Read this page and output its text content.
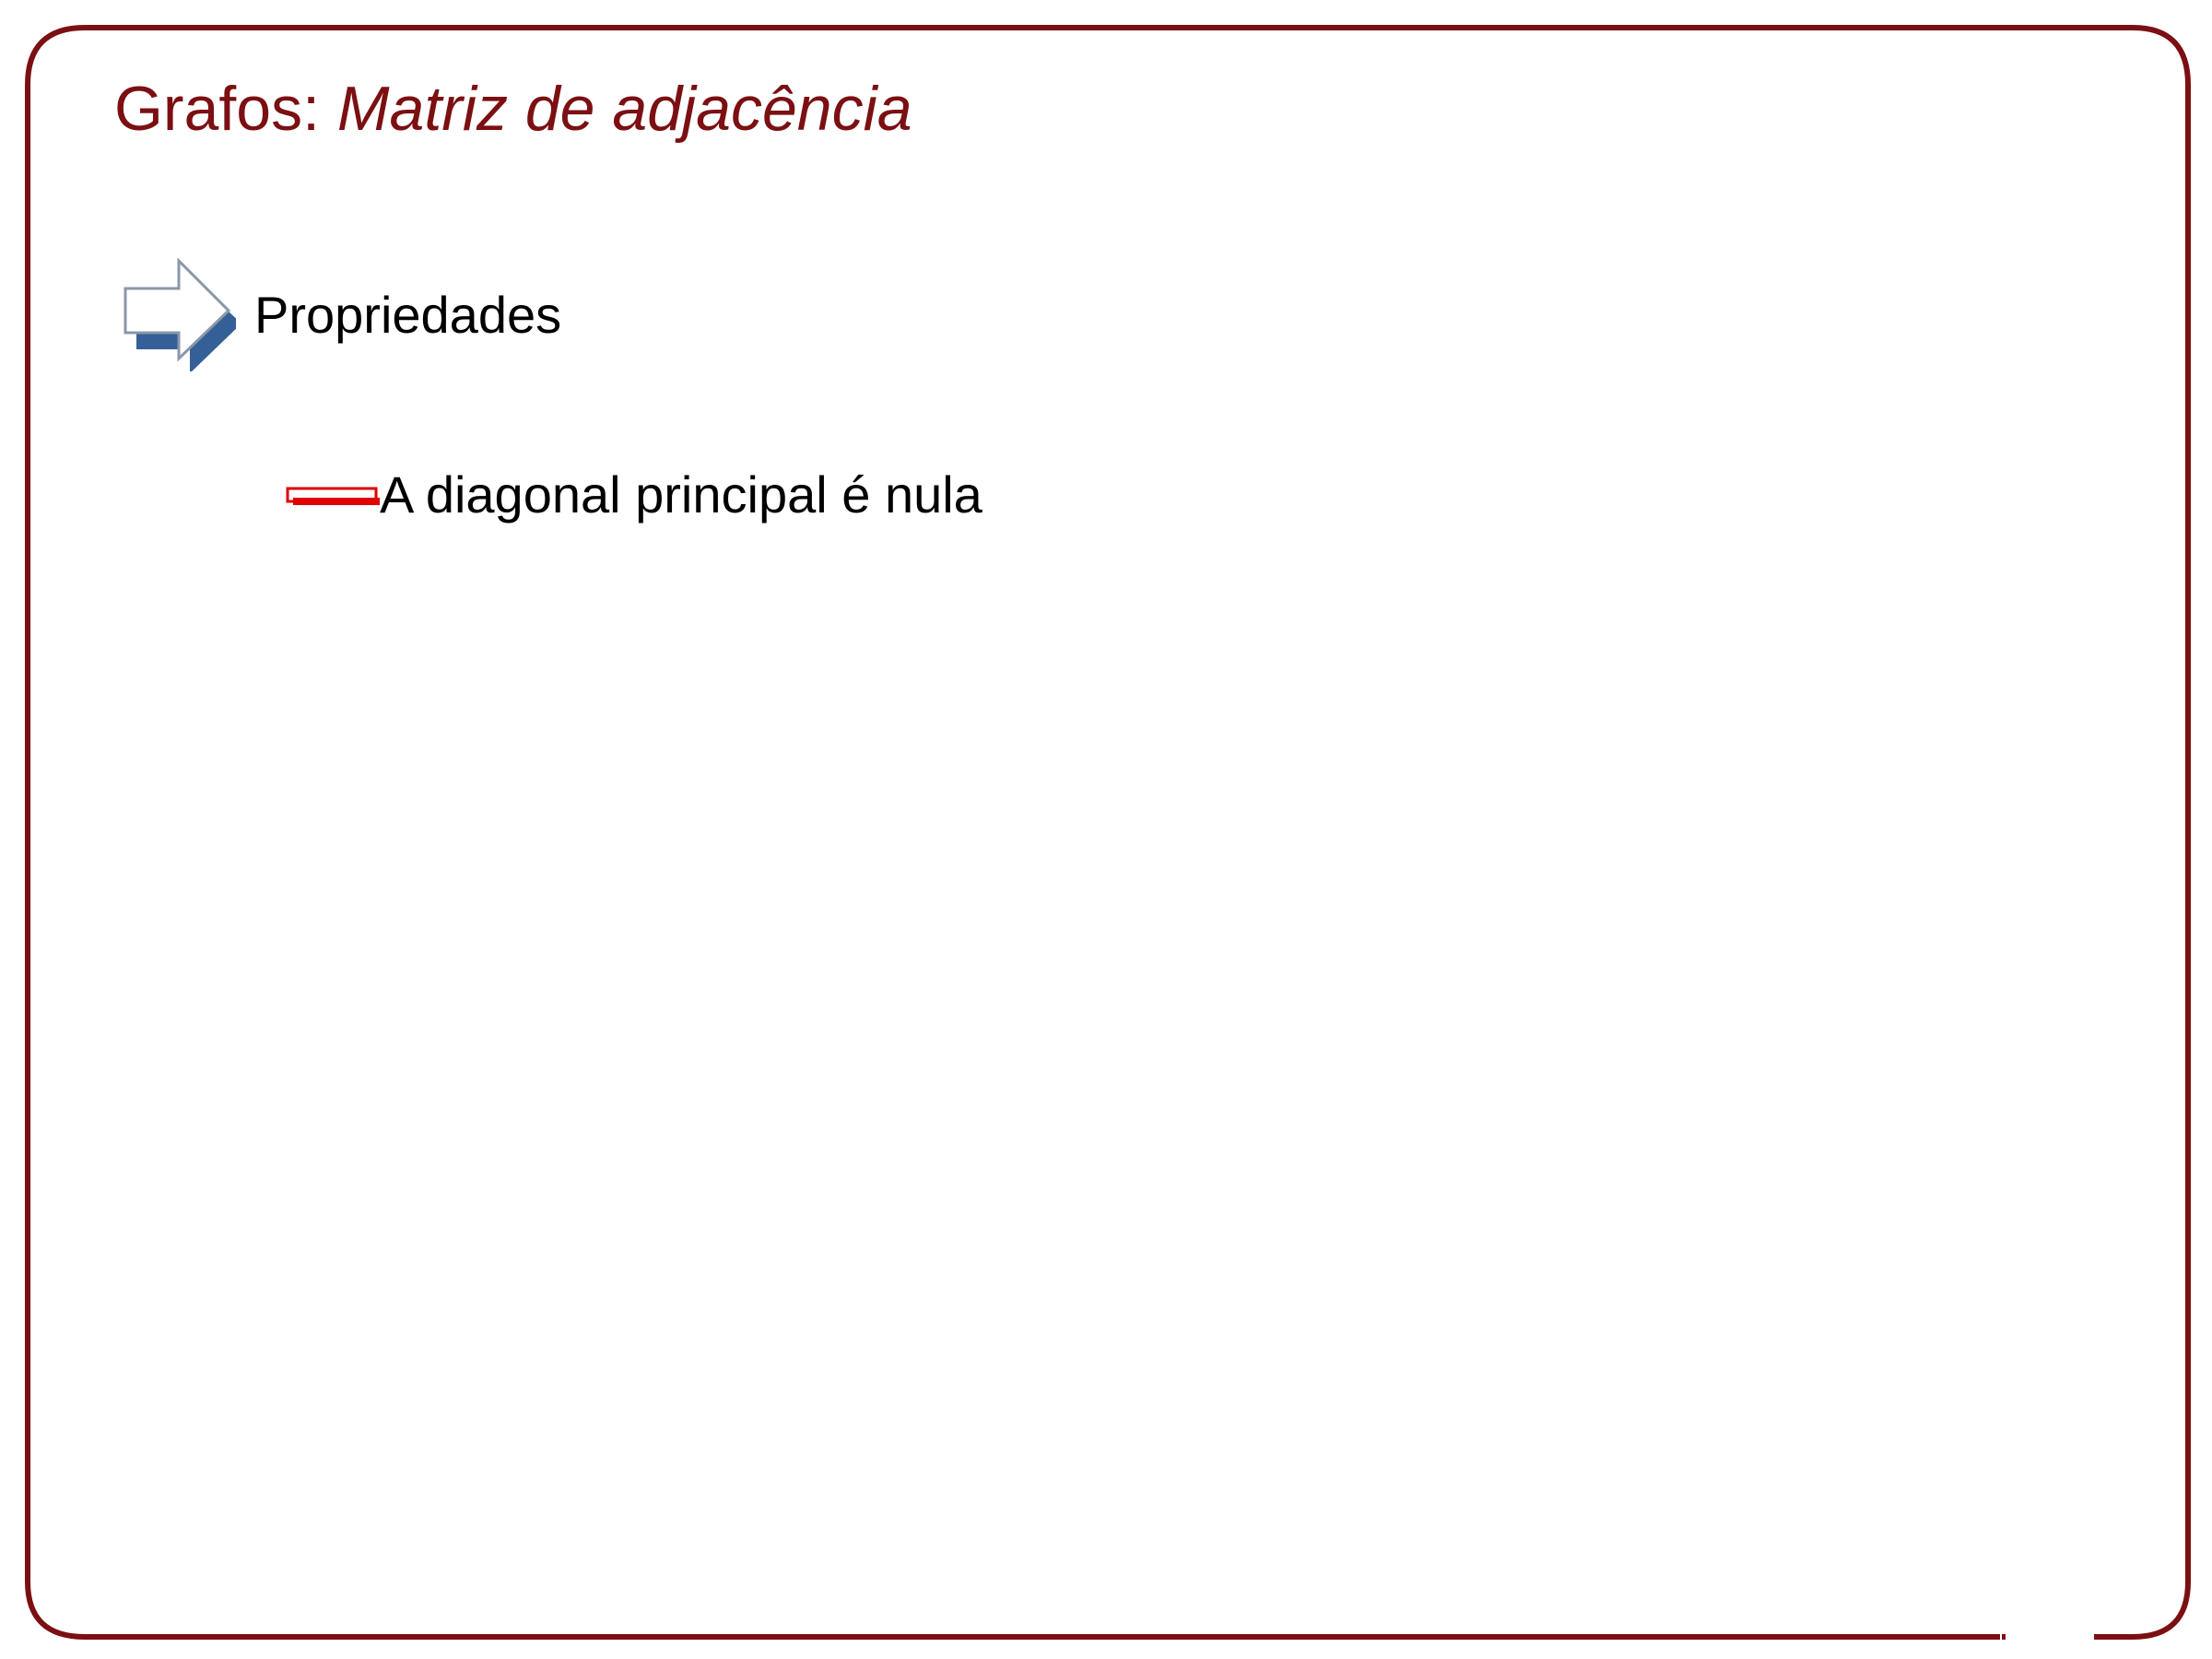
Grafos: Matriz de adjacência
Propriedades
A diagonal principal é nula
